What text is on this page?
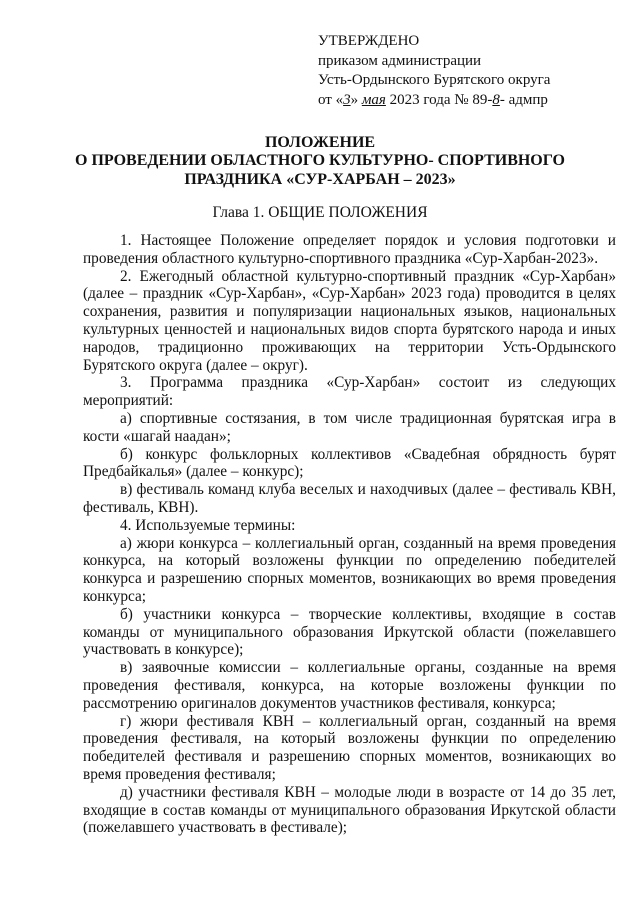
УТВЕРЖДЕНО
приказом администрации
Усть-Ордынского Бурятского округа
от «3» мая 2023 года № 89-8- адмпр
ПОЛОЖЕНИЕ
О ПРОВЕДЕНИИ ОБЛАСТНОГО КУЛЬТУРНО- СПОРТИВНОГО
ПРАЗДНИКА «СУР-ХАРБАН – 2023»
Глава 1. ОБЩИЕ ПОЛОЖЕНИЯ

1. Настоящее Положение определяет порядок и условия подготовки и проведения областного культурно-спортивного праздника «Сур-Харбан-2023».

2. Ежегодный областной культурно-спортивный праздник «Сур-Харбан» (далее – праздник «Сур-Харбан», «Сур-Харбан» 2023 года) проводится в целях сохранения, развития и популяризации национальных языков, национальных культурных ценностей и национальных видов спорта бурятского народа и иных народов, традиционно проживающих на территории Усть-Ордынского Бурятского округа (далее – округ).

3. Программа праздника «Сур-Харбан» состоит из следующих мероприятий:

а) спортивные состязания, в том числе традиционная бурятская игра в кости «шагай наадан»;

б) конкурс фольклорных коллективов «Свадебная обрядность бурят Предбайкалья» (далее – конкурс);

в) фестиваль команд клуба веселых и находчивых (далее – фестиваль КВН, фестиваль, КВН).

4. Используемые термины:

а) жюри конкурса – коллегиальный орган, созданный на время проведения конкурса, на который возложены функции по определению победителей конкурса и разрешению спорных моментов, возникающих во время проведения конкурса;

б) участники конкурса – творческие коллективы, входящие в состав команды от муниципального образования Иркутской области (пожелавшего участвовать в конкурсе);

в) заявочные комиссии – коллегиальные органы, созданные на время проведения фестиваля, конкурса, на которые возложены функции по рассмотрению оригиналов документов участников фестиваля, конкурса;

г) жюри фестиваля КВН – коллегиальный орган, созданный на время проведения фестиваля, на который возложены функции по определению победителей фестиваля и разрешению спорных моментов, возникающих во время проведения фестиваля;

д) участники фестиваля КВН – молодые люди в возрасте от 14 до 35 лет, входящие в состав команды от муниципального образования Иркутской области (пожелавшего участвовать в фестивале);
